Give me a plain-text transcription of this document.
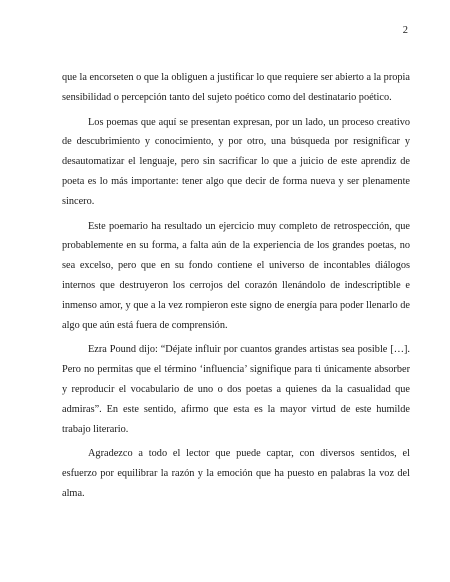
2

que la encorseten o que la obliguen a justificar lo que requiere ser abierto a la propia sensibilidad o percepción tanto del sujeto poético como del destinatario poético.

Los poemas que aquí se presentan expresan, por un lado, un proceso creativo de descubrimiento y conocimiento, y por otro, una búsqueda por resignificar y desautomatizar el lenguaje, pero sin sacrificar lo que a juicio de este aprendiz de poeta es lo más importante: tener algo que decir de forma nueva y ser plenamente sincero.

Este poemario ha resultado un ejercicio muy completo de retrospección, que probablemente en su forma, a falta aún de la experiencia de los grandes poetas, no sea excelso, pero que en su fondo contiene el universo de incontables diálogos internos que destruyeron los cerrojos del corazón llenándolo de indescriptible e inmenso amor, y que a la vez rompieron este signo de energía para poder llenarlo de algo que aún está fuera de comprensión.

Ezra Pound dijo: “Déjate influir por cuantos grandes artistas sea posible […]. Pero no permitas que el término ‘influencia’ signifique para ti únicamente absorber y reproducir el vocabulario de uno o dos poetas a quienes da la casualidad que admiras”. En este sentido, afirmo que esta es la mayor virtud de este humilde trabajo literario.

Agradezco a todo el lector que puede captar, con diversos sentidos, el esfuerzo por equilibrar la razón y la emoción que ha puesto en palabras la voz del alma.
